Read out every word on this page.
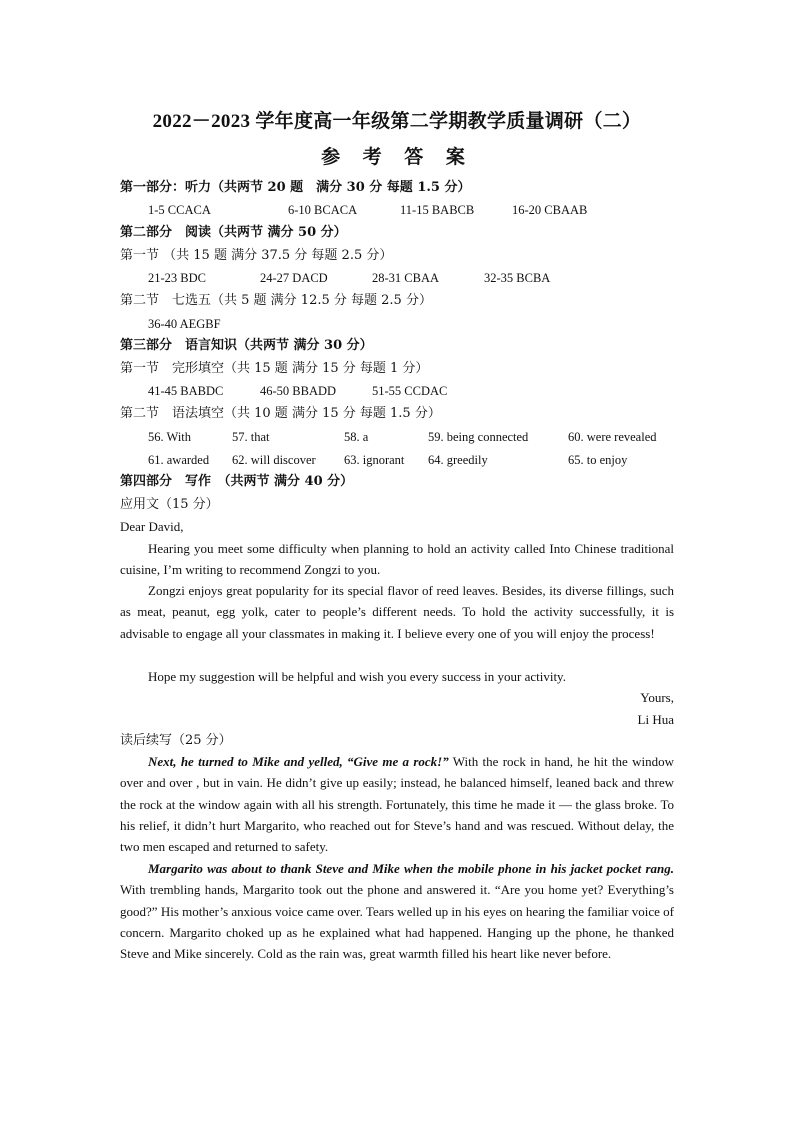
2022－2023 学年度高一年级第二学期教学质量调研（二）
参 考 答 案
第一部分：听力（共两节 20 题　满分 30 分 每题 1.5 分）
1-5 CCACA	6-10 BCACA	11-15 BABCB	16-20 CBAAB
第二部分　阅读（共两节 满分 50 分）
第一节 （共 15 题 满分 37.5 分 每题 2.5 分）
21-23 BDC	24-27 DACD	28-31 CBAA	32-35 BCBA
第二节　七选五（共 5 题 满分 12.5 分 每题 2.5 分）
36-40 AEGBF
第三部分　语言知识（共两节 满分 30 分）
第一节　完形填空（共 15 题 满分 15 分 每题 1 分）
41-45 BABDC	46-50 BBADD	51-55 CCDAC
第二节　语法填空（共 10 题 满分 15 分 每题 1.5 分）
56. With	57. that	58. a	59. being connected	60. were revealed
61. awarded 62. will discover 63. ignorant 64. greedily	65. to enjoy
第四部分　写作　（共两节 满分 40 分）
应用文（15 分）
Dear David,
Hearing you meet some difficulty when planning to hold an activity called Into Chinese traditional cuisine, I’m writing to recommend Zongzi to you.
Zongzi enjoys great popularity for its special flavor of reed leaves. Besides, its diverse fillings, such as meat, peanut, egg yolk, cater to people’s different needs. To hold the activity successfully, it is advisable to engage all your classmates in making it. I believe every one of you will enjoy the process!
Hope my suggestion will be helpful and wish you every success in your activity.
Yours,
Li Hua
读后续写（25 分）
Next, he turned to Mike and yelled, “Give me a rock!” With the rock in hand, he hit the window over and over , but in vain. He didn’t give up easily; instead, he balanced himself, leaned back and threw the rock at the window again with all his strength. Fortunately, this time he made it — the glass broke. To his relief, it didn’t hurt Margarito, who reached out for Steve’s hand and was rescued. Without delay, the two men escaped and returned to safety.
Margarito was about to thank Steve and Mike when the mobile phone in his jacket pocket rang. With trembling hands, Margarito took out the phone and answered it. “Are you home yet? Everything’s good?” His mother’s anxious voice came over. Tears welled up in his eyes on hearing the familiar voice of concern. Margarito choked up as he explained what had happened. Hanging up the phone, he thanked Steve and Mike sincerely. Cold as the rain was, great warmth filled his heart like never before.
